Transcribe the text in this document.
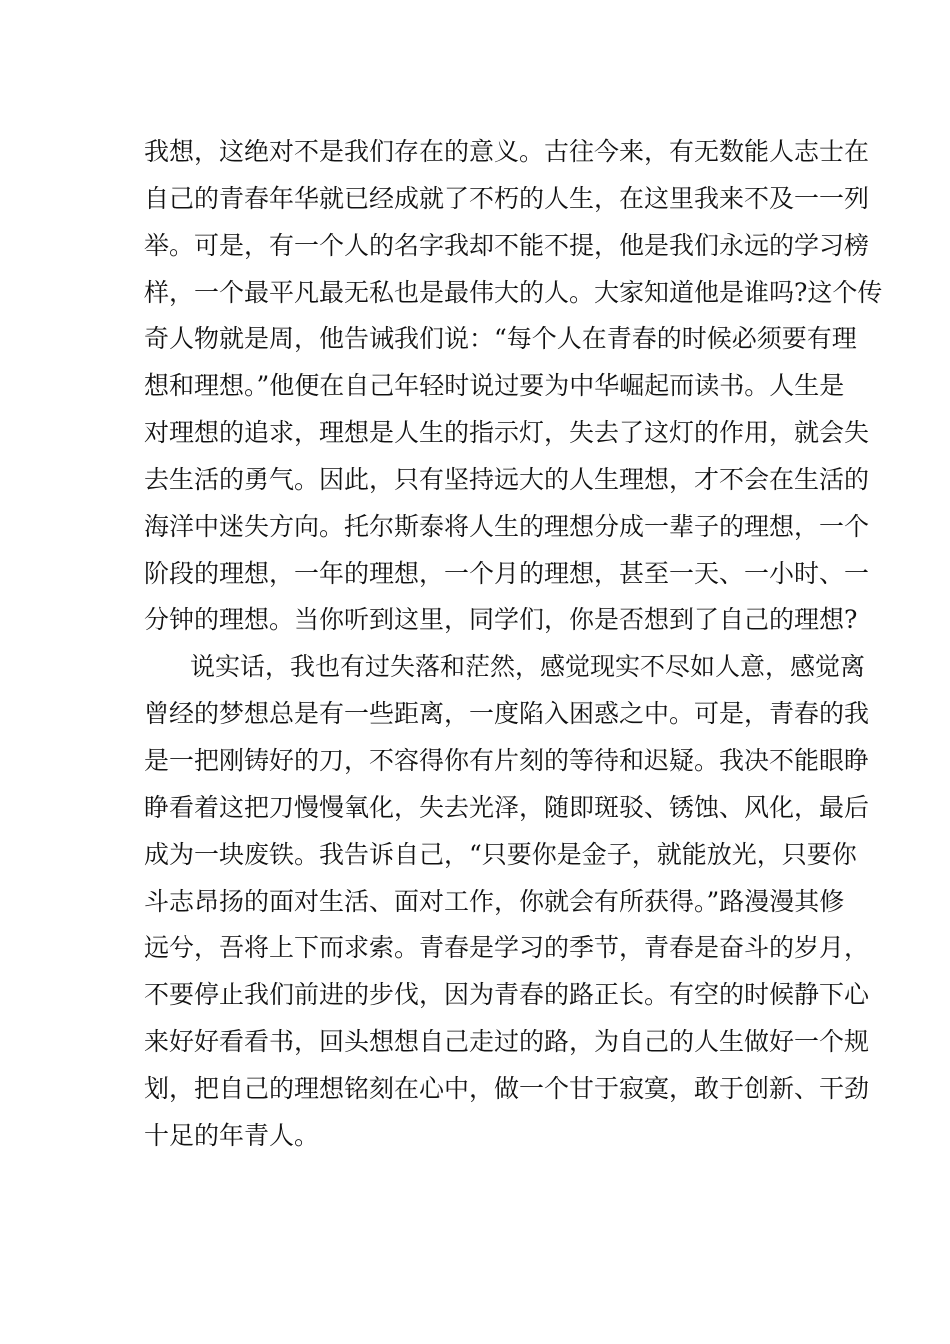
我想，这绝对不是我们存在的意义。古往今来，有无数能人志士在
自己的青春年华就已经成就了不朽的人生，在这里我来不及一一列
举。可是，有一个人的名字我却不能不提，他是我们永远的学习榜
样，一个最平凡最无私也是最伟大的人。大家知道他是谁吗?这个传
奇人物就是周，他告诫我们说：“每个人在青春的时候必须要有理
想和理想。”他便在自己年轻时说过要为中华崛起而读书。人生是
对理想的追求，理想是人生的指示灯，失去了这灯的作用，就会失
去生活的勇气。因此，只有坚持远大的人生理想，才不会在生活的
海洋中迷失方向。托尔斯泰将人生的理想分成一辈子的理想，一个
阶段的理想，一年的理想，一个月的理想，甚至一天、一小时、一
分钟的理想。当你听到这里，同学们，你是否想到了自己的理想?
说实话，我也有过失落和茫然，感觉现实不尽如人意，感觉离
曾经的梦想总是有一些距离，一度陷入困惑之中。可是，青春的我
是一把刚铸好的刀，不容得你有片刻的等待和迟疑。我决不能眼睁
睁看着这把刀慢慢氧化，失去光泽，随即斑驳、锈蚀、风化，最后
成为一块废铁。我告诉自己，“只要你是金子，就能放光，只要你
斗志昂扬的面对生活、面对工作，你就会有所获得。”路漫漫其修
远兮，吾将上下而求索。青春是学习的季节，青春是奋斗的岁月，
不要停止我们前进的步伐，因为青春的路正长。有空的时候静下心
来好好看看书，回头想想自己走过的路，为自己的人生做好一个规
划，把自己的理想铭刻在心中，做一个甘于寂寞，敢于创新、干劲
十足的年青人。
